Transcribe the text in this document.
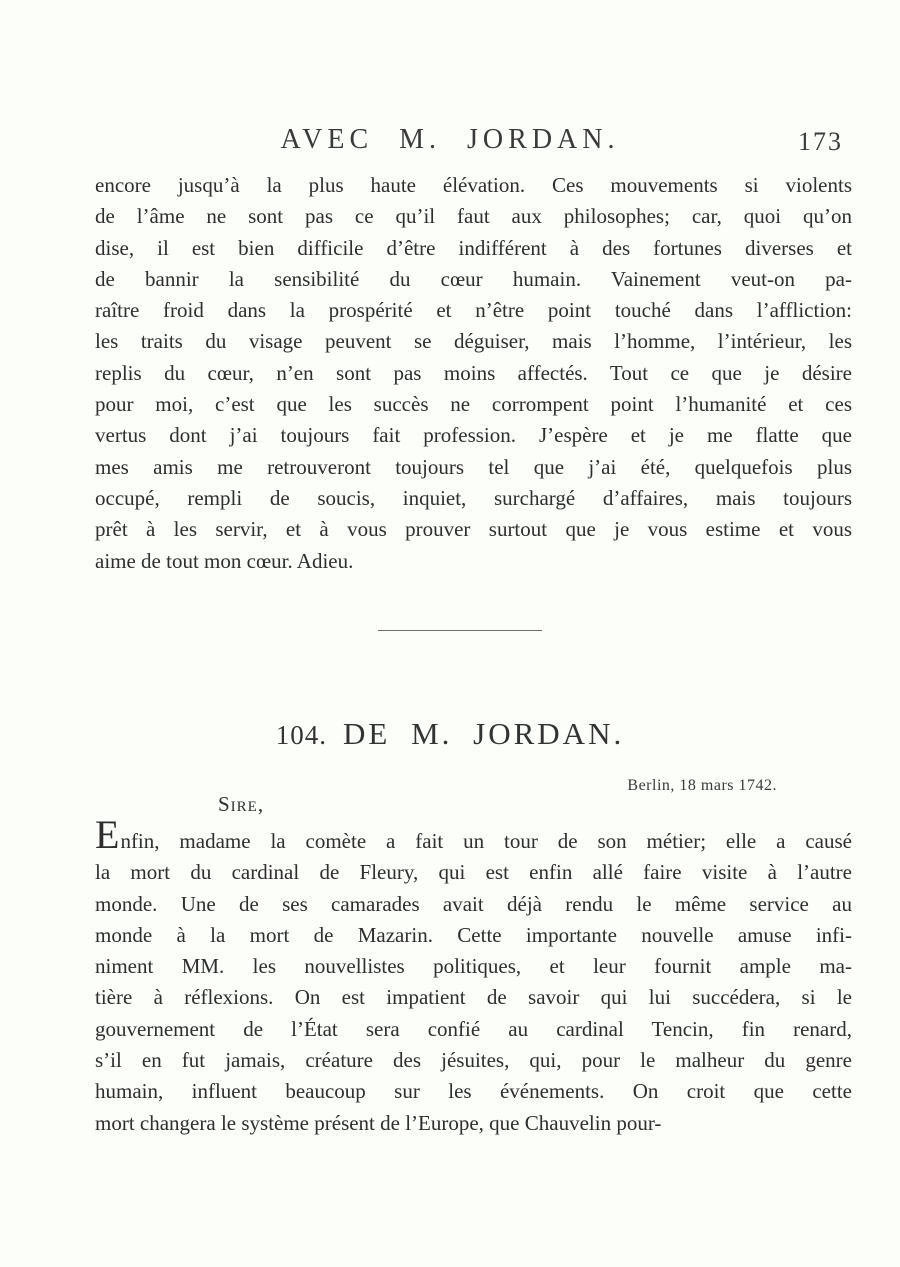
AVEC M. JORDAN.	173
encore jusqu’à la plus haute élévation. Ces mouvements si violents
de l’âme ne sont pas ce qu’il faut aux philosophes; car, quoi qu’on
dise, il est bien difficile d’être indifférent à des fortunes diverses et
de bannir la sensibilité du cœur humain. Vainement veut-on pa-
raître froid dans la prospérité et n’être point touché dans l’affliction:
les traits du visage peuvent se déguiser, mais l’homme, l’intérieur, les
replis du cœur, n’en sont pas moins affectés. Tout ce que je désire
pour moi, c’est que les succès ne corrompent point l’humanité et ces
vertus dont j’ai toujours fait profession. J’espère et je me flatte que
mes amis me retrouveront toujours tel que j’ai été, quelquefois plus
occupé, rempli de soucis, inquiet, surchargé d’affaires, mais toujours
prêt à les servir, et à vous prouver surtout que je vous estime et vous
aime de tout mon cœur. Adieu.
104. DE M. JORDAN.
Berlin, 18 mars 1742.
Sire,
Enfin, madame la comète a fait un tour de son métier; elle a causé
la mort du cardinal de Fleury, qui est enfin allé faire visite à l’autre
monde. Une de ses camarades avait déjà rendu le même service au
monde à la mort de Mazarin. Cette importante nouvelle amuse infi-
niment MM. les nouvellistes politiques, et leur fournit ample ma-
tière à réflexions. On est impatient de savoir qui lui succédera, si le
gouvernement de l’État sera confié au cardinal Tencin, fin renard,
s’il en fut jamais, créature des jésuites, qui, pour le malheur du genre
humain, influent beaucoup sur les événements. On croit que cette
mort changera le système présent de l’Europe, que Chauvelin pour-
